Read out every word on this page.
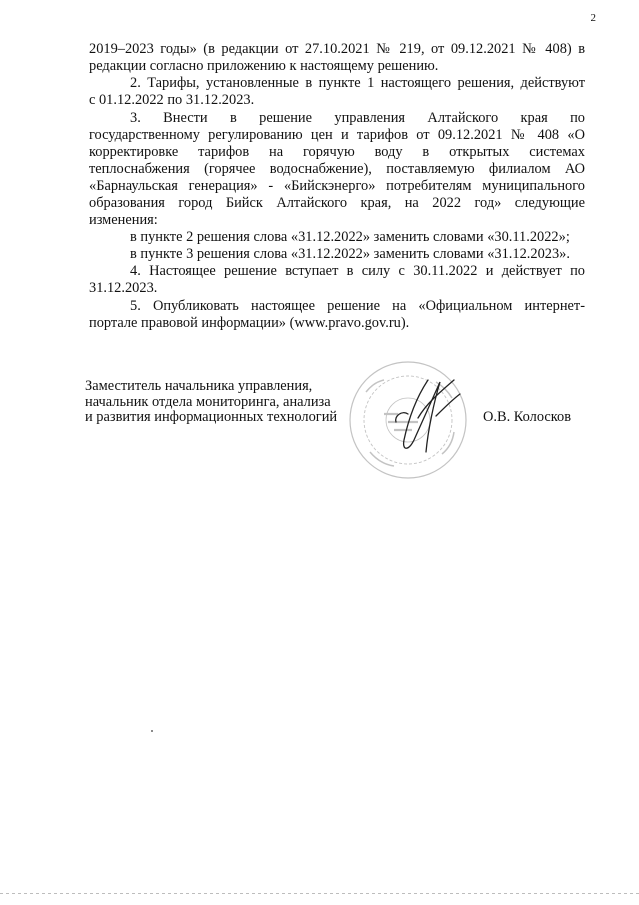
2
2019–2023 годы» (в редакции от 27.10.2021 № 219, от 09.12.2021 № 408) в
редакции согласно приложению к настоящему решению.
2. Тарифы, установленные в пункте 1 настоящего решения, действуют
с 01.12.2022 по 31.12.2023.
3. Внести в решение управления Алтайского края по
государственному регулированию цен и тарифов от 09.12.2021 № 408 «О
корректировке тарифов на горячую воду в открытых системах
теплоснабжения (горячее водоснабжение), поставляемую филиалом АО
«Барнаульская генерация» - «Бийскэнерго» потребителям муниципального
образования город Бийск Алтайского края, на 2022 год» следующие
изменения:
в пункте 2 решения слова «31.12.2022» заменить словами «30.11.2022»;
в пункте 3 решения слова «31.12.2022» заменить словами «31.12.2023».
4. Настоящее решение вступает в силу с 30.11.2022 и действует по
31.12.2023.
5. Опубликовать настоящее решение на «Официальном интернет-
портале правовой информации» (www.pravo.gov.ru).
Заместитель начальника управления,
начальник отдела мониторинга, анализа
и развития информационных технологий	О.В. Колосков
